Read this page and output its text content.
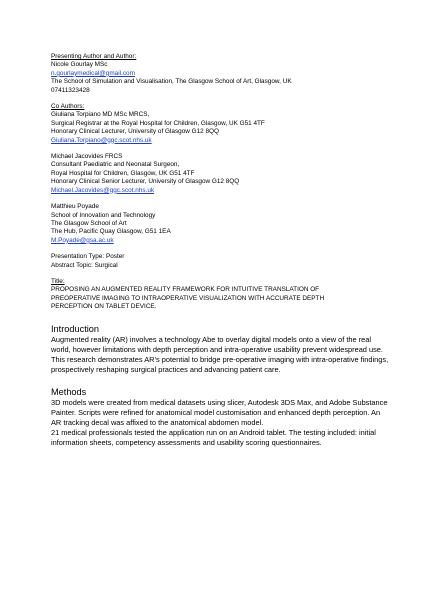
Presenting Author and Author:
Nicole Gourlay MSc
n.gourlaymedical@gmail.com
The School of Simulation and Visualisation, The Glasgow School of Art, Glasgow, UK
07411323428
Co Authors:
Giuliana Torpiano MD MSc MRCS,
Surgical Registrar at the Royal Hospital for Children, Glasgow, UK G51 4TF
Honorary Clinical Lecturer, University of Glasgow G12 8QQ
Giuliana.Torpiano@ggc.scot.nhs.uk
Michael Jacovides FRCS
Consultant Paediatric and Neonatal Surgeon,
Royal Hospital for Children, Glasgow, UK G51 4TF
Honorary Clinical Senior Lecturer, University of Glasgow G12 8QQ
Michael.Jacovides@ggc.scot.nhs.uk
Matthieu Poyade
School of Innovation and Technology
The Glasgow School of Art
The Hub, Pacific Quay Glasgow, G51 1EA
M.Poyade@gsa.ac.uk
Presentation Type: Poster
Abstract Topic: Surgical
Title:
PROPOSING AN AUGMENTED REALITY FRAMEWORK FOR INTUITIVE TRANSLATION OF PREOPERATIVE IMAGING TO INTRAOPERATIVE VISUALIZATION WITH ACCURATE DEPTH PERCEPTION ON TABLET DEVICE.
Introduction
Augmented reality (AR) involves a technology Abe to overlay digital models onto a view of the real world, however limitations with depth perception and intra-operative usability prevent widespread use. This research demonstrates AR’s potential to bridge pre-operative imaging with intra-operative findings, prospectively reshaping surgical practices and advancing patient care.
Methods
3D models were created from medical datasets using slicer, Autodesk 3DS Max, and Adobe Substance Painter. Scripts were refined for anatomical model customisation and enhanced depth perception. An AR tracking decal was affixed to the anatomical abdomen model.
21 medical professionals tested the application run on an Android tablet. The testing included: initial information sheets, competency assessments and usability scoring questionnaires.
